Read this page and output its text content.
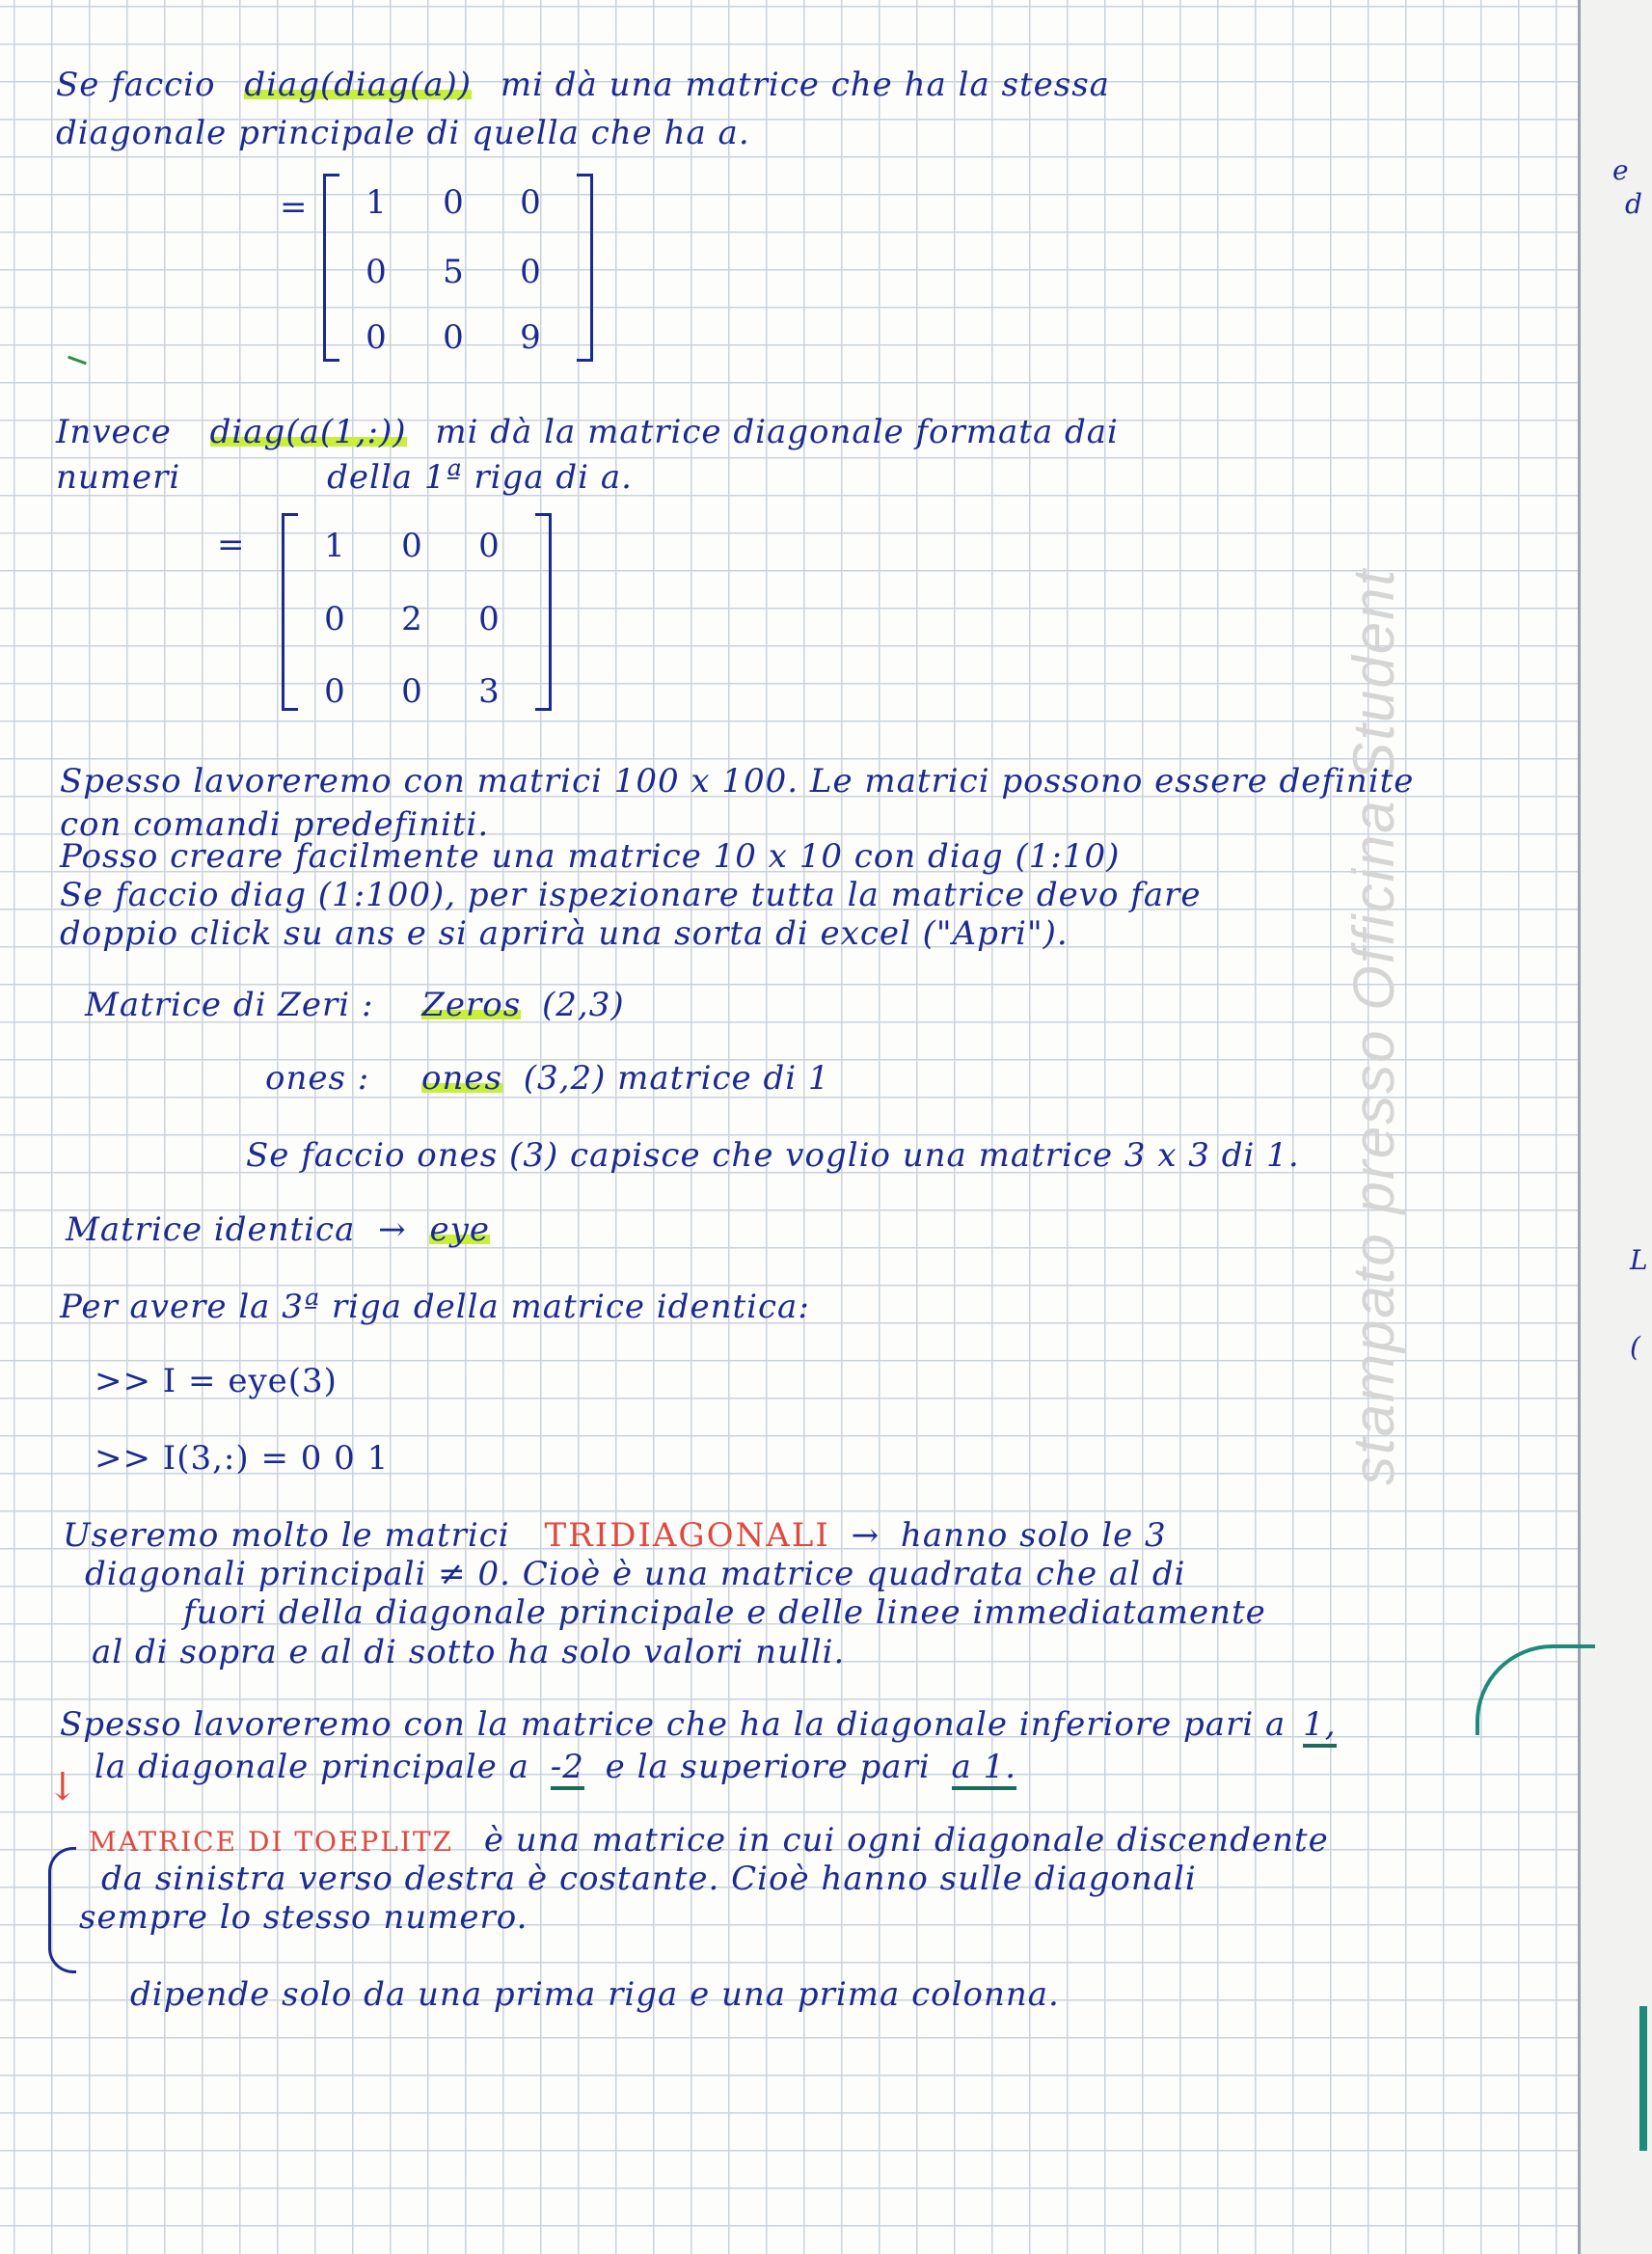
e
d
L
(
stampato presso Officina Student
Se faccio diag(diag(a)) mi dà una matrice che ha la stessa
diagonale principale di quella che ha a.
= 1 0 0
0 5 0
0 0 9
Invece diag(a(1,:)) mi dà la matrice diagonale formata dai
numeri	della 1ª riga di a.
= 1 0 0
0 2 0
0 0 3
Spesso lavoreremo con matrici 100 x 100. Le matrici possono essere definite
con comandi predefiniti.
Posso creare facilmente una matrice 10 x 10 con diag (1:10)
Se faccio diag (1:100), per ispezionare tutta la matrice devo fare
doppio click su ans e si aprirà una sorta di excel ("Apri").
Matrice di Zeri : Zeros (2,3)
ones : ones (3,2) matrice di 1
Se faccio ones (3) capisce che voglio una matrice 3 x 3 di 1.
Matrice identica → eye
Per avere la 3ª riga della matrice identica:
>> I = eye(3)
>> I(3,:) = 0 0 1
Useremo molto le matrici TRIDIAGONALI → hanno solo le 3
diagonali principali ≠ 0. Cioè è una matrice quadrata che al di
fuori della diagonale principale e delle linee immediatamente
al di sopra e al di sotto ha solo valori nulli.
Spesso lavoreremo con la matrice che ha la diagonale inferiore pari a 1,
la diagonale principale a -2 e la superiore pari a 1.
↓
MATRICE DI TOEPLITZ è una matrice in cui ogni diagonale discendente
da sinistra verso destra è costante. Cioè hanno sulle diagonali
sempre lo stesso numero.
dipende solo da una prima riga e una prima colonna.
